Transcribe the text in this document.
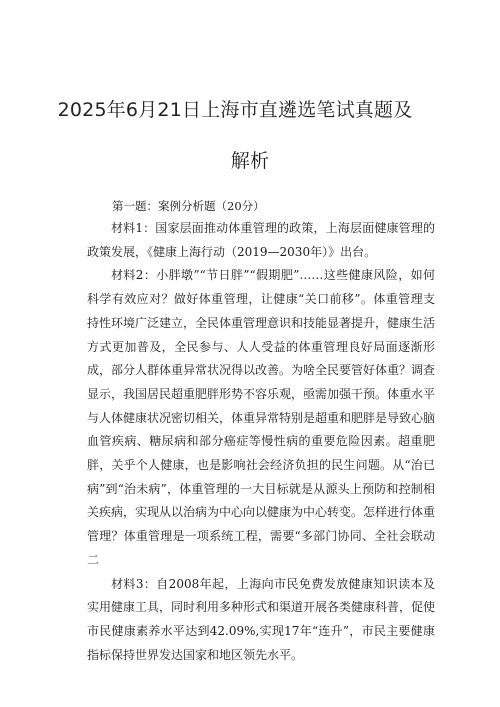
2025年6月21日上海市直遴选笔试真题及
解析
第一题：案例分析题（20分）

材料1：国家层面推动体重管理的政策，上海层面健康管理的政策发展，《健康上海行动（2019—2030年）》出台。

材料2：小胖墩”“节日胖”“假期肥”……这些健康风险，如何科学有效应对？做好体重管理，让健康“关口前移”。体重管理支持性环境广泛建立，全民体重管理意识和技能显著提升，健康生活方式更加普及，全民参与、人人受益的体重管理良好局面逐渐形成，部分人群体重异常状况得以改善。为啥全民要管好体重？调查显示，我国居民超重肥胖形势不容乐观，亟需加强干预。体重水平与人体健康状况密切相关，体重异常特别是超重和肥胖是导致心脑血管疾病、糖尿病和部分癌症等慢性病的重要危险因素。超重肥胖，关乎个人健康，也是影响社会经济负担的民生问题。从“治已病”到“治未病”，体重管理的一大目标就是从源头上预防和控制相关疾病，实现从以治病为中心向以健康为中心转变。怎样进行体重管理？体重管理是一项系统工程，需要“多部门协同、全社会联动二

材料3：自2008年起，上海向市民免费发放健康知识读本及实用健康工具，同时利用多种形式和渠道开展各类健康科普，促使市民健康素养水平达到42.09%,实现17年“连升”，市民主要健康指标保持世界发达国家和地区领先水平。
